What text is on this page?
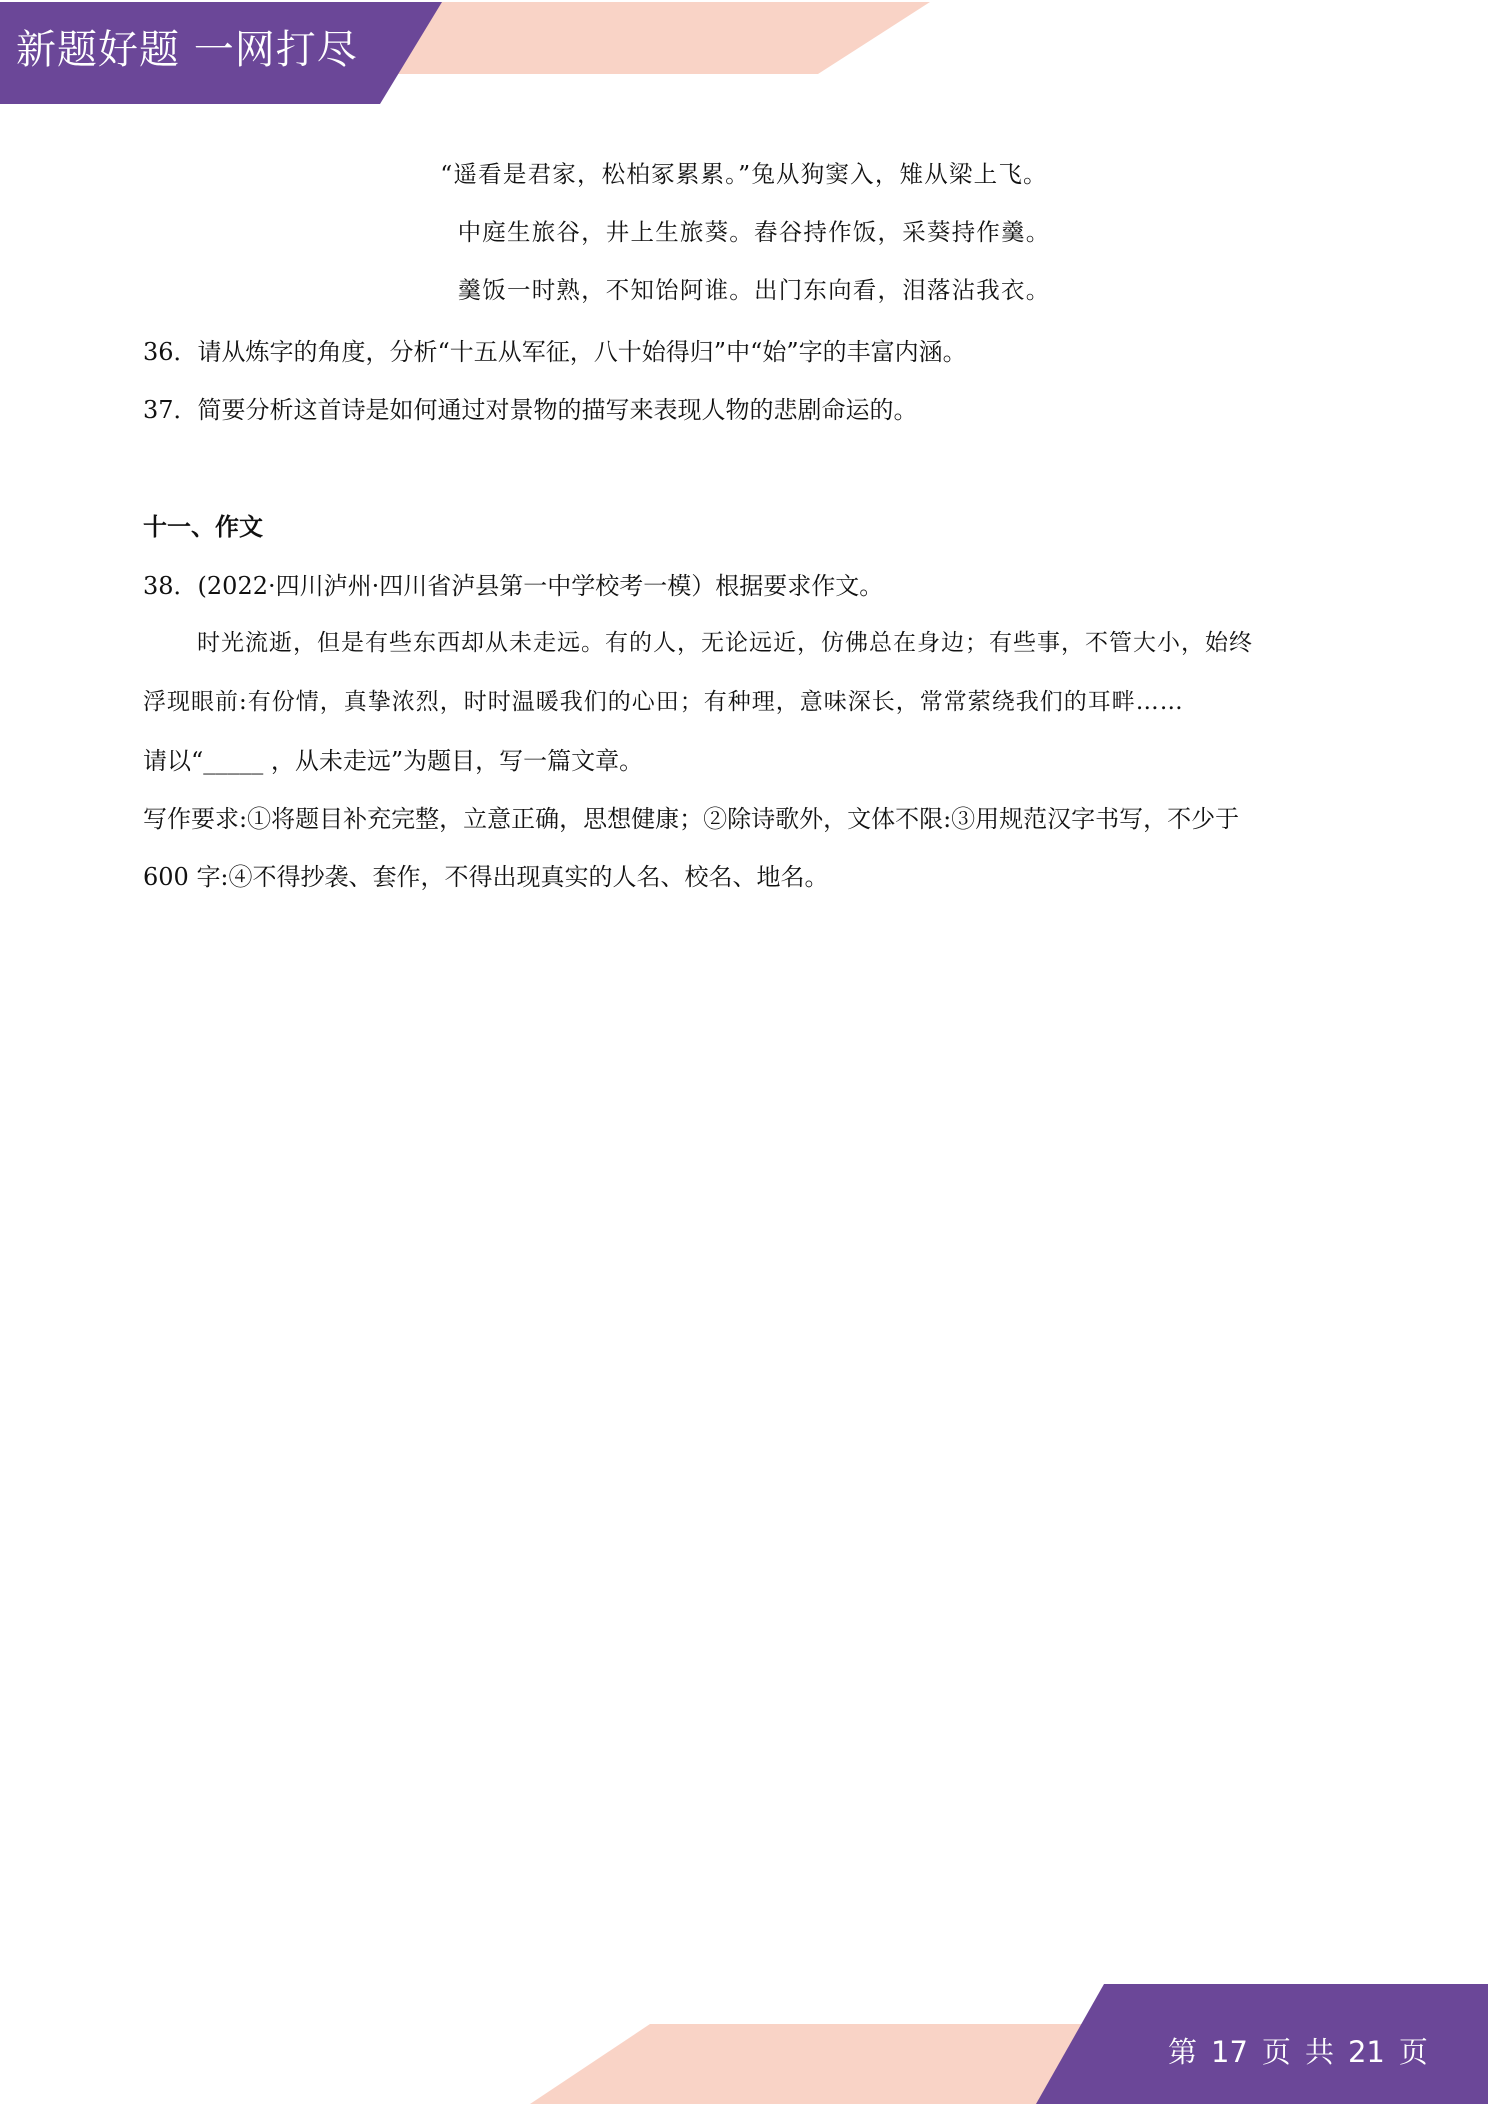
新题好题 一网打尽
“遥看是君家，松柏冢累累。”兔从狗窦入，雉从梁上飞。
中庭生旅谷，井上生旅葵。舂谷持作饭，采葵持作羹。
羹饭一时熟，不知饴阿谁。出门东向看，泪落沾我衣。
36．请从炼字的角度，分析“十五从军征，八十始得归”中“始”字的丰富内涵。
37．简要分析这首诗是如何通过对景物的描写来表现人物的悲剧命运的。
十一、作文
38．(2022·四川泸州·四川省泸县第一中学校考一模）根据要求作文。
时光流逝，但是有些东西却从未走远。有的人，无论远近，仿佛总在身边；有些事，不管大小，始终
浮现眼前:有份情，真挚浓烈，时时温暖我们的心田；有种理，意味深长，常常萦绕我们的耳畔……
请以“_____ ，从未走远”为题目，写一篇文章。
写作要求:①将题目补充完整，立意正确，思想健康；②除诗歌外，文体不限:③用规范汉字书写，不少于
600 字:④不得抄袭、套作，不得出现真实的人名、校名、地名。
第 17 页 共 21 页
